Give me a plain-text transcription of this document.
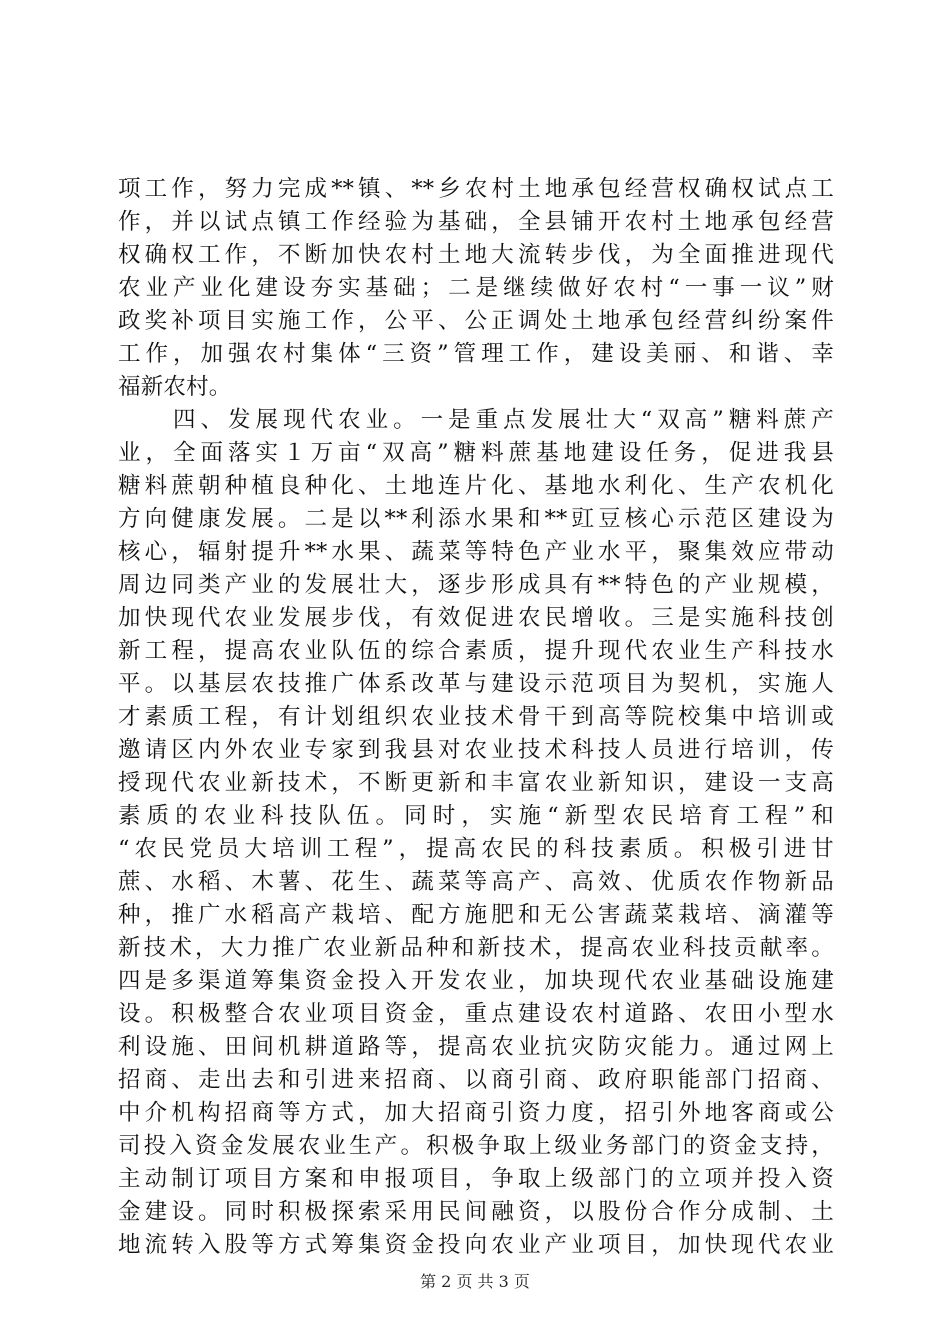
项工作，努力完成**镇、**乡农村土地承包经营权确权试点工
作，并以试点镇工作经验为基础，全县铺开农村土地承包经营
权确权工作，不断加快农村土地大流转步伐，为全面推进现代
农业产业化建设夯实基础；二是继续做好农村“一事一议”财
政奖补项目实施工作，公平、公正调处土地承包经营纠纷案件
工作，加强农村集体“三资”管理工作，建设美丽、和谐、幸
福新农村。
　　四、发展现代农业。一是重点发展壮大“双高”糖料蔗产
业，全面落实１万亩“双高”糖料蔗基地建设任务，促进我县
糖料蔗朝种植良种化、土地连片化、基地水利化、生产农机化
方向健康发展。二是以**利添水果和**豇豆核心示范区建设为
核心，辐射提升**水果、蔬菜等特色产业水平，聚集效应带动
周边同类产业的发展壮大，逐步形成具有**特色的产业规模，
加快现代农业发展步伐，有效促进农民增收。三是实施科技创
新工程，提高农业队伍的综合素质，提升现代农业生产科技水
平。以基层农技推广体系改革与建设示范项目为契机，实施人
才素质工程，有计划组织农业技术骨干到高等院校集中培训或
邀请区内外农业专家到我县对农业技术科技人员进行培训，传
授现代农业新技术，不断更新和丰富农业新知识，建设一支高
素质的农业科技队伍。同时，实施“新型农民培育工程”和
“农民党员大培训工程”，提高农民的科技素质。积极引进甘
蔗、水稻、木薯、花生、蔬菜等高产、高效、优质农作物新品
种，推广水稻高产栽培、配方施肥和无公害蔬菜栽培、滴灌等
新技术，大力推广农业新品种和新技术，提高农业科技贡献率。
四是多渠道筹集资金投入开发农业，加块现代农业基础设施建
设。积极整合农业项目资金，重点建设农村道路、农田小型水
利设施、田间机耕道路等，提高农业抗灾防灾能力。通过网上
招商、走出去和引进来招商、以商引商、政府职能部门招商、
中介机构招商等方式，加大招商引资力度，招引外地客商或公
司投入资金发展农业生产。积极争取上级业务部门的资金支持，
主动制订项目方案和申报项目，争取上级部门的立项并投入资
金建设。同时积极探索采用民间融资，以股份合作分成制、土
地流转入股等方式筹集资金投向农业产业项目，加快现代农业
第 2 页 共 3 页
